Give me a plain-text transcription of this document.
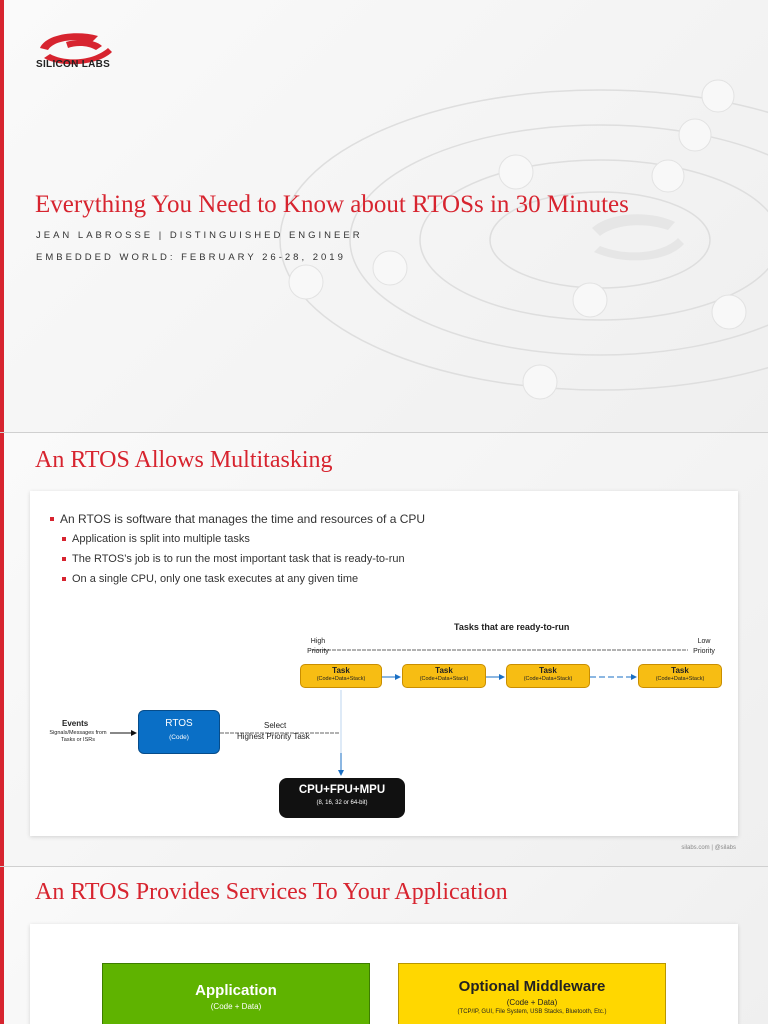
SILICON LABS
Everything You Need to Know about RTOSs in 30 Minutes
JEAN LABROSSE | DISTINGUISHED ENGINEER
EMBEDDED WORLD: FEBRUARY 26-28, 2019
An RTOS Allows Multitasking
An RTOS is software that manages the time and resources of a CPU
Application is split into multiple tasks
The RTOS’s job is to run the most important task that is ready-to-run
On a single CPU, only one task executes at any given time
Tasks that are ready-to-run
High Priority
Low Priority
Task
(Code+Data+Stack)
Task
(Code+Data+Stack)
Task
(Code+Data+Stack)
Task
(Code+Data+Stack)
Events
Signals/Messages from Tasks or ISRs
RTOS
(Code)
Select
Highest Priority Task
CPU+FPU+MPU
(8, 16, 32 or 64-bit)
silabs.com | @silabs
An RTOS Provides Services To Your Application
Application
(Code + Data)
Optional Middleware
(Code + Data)
(TCP/IP, GUI, File System, USB Stacks, Bluetooth, Etc.)
